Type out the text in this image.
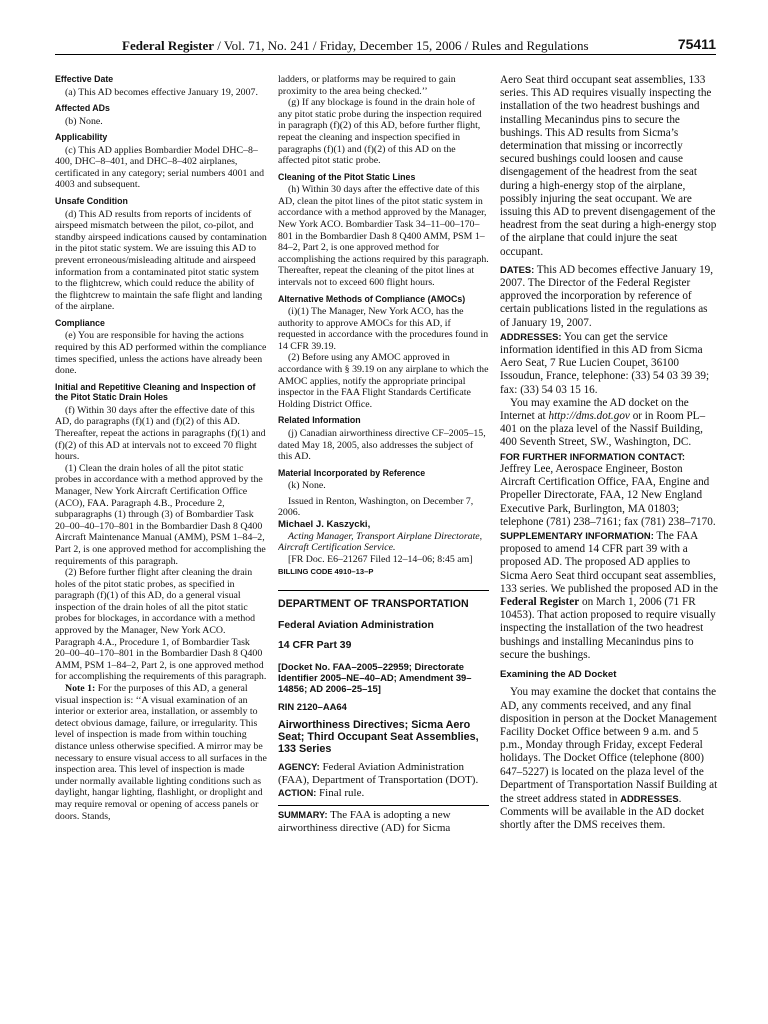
Federal Register / Vol. 71, No. 241 / Friday, December 15, 2006 / Rules and Regulations	75411

Effective Date

(a) This AD becomes effective January 19, 2007.

Affected ADs

(b) None.

Applicability

(c) This AD applies Bombardier Model DHC–8–400, DHC–8–401, and DHC–8–402 airplanes, certificated in any category; serial numbers 4001 and 4003 and subsequent.

Unsafe Condition

(d) This AD results from reports of incidents of airspeed mismatch between the pilot, co-pilot, and standby airspeed indications caused by contamination in the pitot static system. We are issuing this AD to prevent erroneous/misleading altitude and airspeed information from a contaminated pitot static system to the flightcrew, which could reduce the ability of the flightcrew to maintain the safe flight and landing of the airplane.

Compliance

(e) You are responsible for having the actions required by this AD performed within the compliance times specified, unless the actions have already been done.

Initial and Repetitive Cleaning and Inspection of the Pitot Static Drain Holes

(f) Within 30 days after the effective date of this AD, do paragraphs (f)(1) and (f)(2) of this AD. Thereafter, repeat the actions in paragraphs (f)(1) and (f)(2) of this AD at intervals not to exceed 70 flight hours.

(1) Clean the drain holes of all the pitot static probes in accordance with a method approved by the Manager, New York Aircraft Certification Office (ACO), FAA. Paragraph 4.B., Procedure 2, subparagraphs (1) through (3) of Bombardier Task 20–00–40–170–801 in the Bombardier Dash 8 Q400 Aircraft Maintenance Manual (AMM), PSM 1–84–2, Part 2, is one approved method for accomplishing the requirements of this paragraph.

(2) Before further flight after cleaning the drain holes of the pitot static probes, as specified in paragraph (f)(1) of this AD, do a general visual inspection of the drain holes of all the pitot static probes for blockages, in accordance with a method approved by the Manager, New York ACO. Paragraph 4.A., Procedure 1, of Bombardier Task 20–00–40–170–801 in the Bombardier Dash 8 Q400 AMM, PSM 1–84–2, Part 2, is one approved method for accomplishing the requirements of this paragraph.

Note 1: For the purposes of this AD, a general visual inspection is: ‘‘A visual examination of an interior or exterior area, installation, or assembly to detect obvious damage, failure, or irregularity. This level of inspection is made from within touching distance unless otherwise specified. A mirror may be necessary to ensure visual access to all surfaces in the inspection area. This level of inspection is made under normally available lighting conditions such as daylight, hangar lighting, flashlight, or droplight and may require removal or opening of access panels or doors. Stands,

ladders, or platforms may be required to gain proximity to the area being checked.’’

(g) If any blockage is found in the drain hole of any pitot static probe during the inspection required in paragraph (f)(2) of this AD, before further flight, repeat the cleaning and inspection specified in paragraphs (f)(1) and (f)(2) of this AD on the affected pitot static probe.

Cleaning of the Pitot Static Lines

(h) Within 30 days after the effective date of this AD, clean the pitot lines of the pitot static system in accordance with a method approved by the Manager, New York ACO. Bombardier Task 34–11–00–170–801 in the Bombardier Dash 8 Q400 AMM, PSM 1–84–2, Part 2, is one approved method for accomplishing the actions required by this paragraph. Thereafter, repeat the cleaning of the pitot lines at intervals not to exceed 600 flight hours.

Alternative Methods of Compliance (AMOCs)

(i)(1) The Manager, New York ACO, has the authority to approve AMOCs for this AD, if requested in accordance with the procedures found in 14 CFR 39.19.

(2) Before using any AMOC approved in accordance with § 39.19 on any airplane to which the AMOC applies, notify the appropriate principal inspector in the FAA Flight Standards Certificate Holding District Office.

Related Information

(j) Canadian airworthiness directive CF–2005–15, dated May 18, 2005, also addresses the subject of this AD.

Material Incorporated by Reference

(k) None.

Issued in Renton, Washington, on December 7, 2006.

Michael J. Kaszycki,

Acting Manager, Transport Airplane Directorate, Aircraft Certification Service.

[FR Doc. E6–21267 Filed 12–14–06; 8:45 am]

BILLING CODE 4910–13–P

DEPARTMENT OF TRANSPORTATION

Federal Aviation Administration

14 CFR Part 39

[Docket No. FAA–2005–22959; Directorate Identifier 2005–NE–40–AD; Amendment 39–14856; AD 2006–25–15]

RIN 2120–AA64

Airworthiness Directives; Sicma Aero Seat; Third Occupant Seat Assemblies, 133 Series

AGENCY: Federal Aviation Administration (FAA), Department of Transportation (DOT).

ACTION: Final rule.

SUMMARY: The FAA is adopting a new airworthiness directive (AD) for Sicma

Aero Seat third occupant seat assemblies, 133 series. This AD requires visually inspecting the installation of the two headrest bushings and installing Mecanindus pins to secure the bushings. This AD results from Sicma’s determination that missing or incorrectly secured bushings could loosen and cause disengagement of the headrest from the seat during a high-energy stop of the airplane, possibly injuring the seat occupant. We are issuing this AD to prevent disengagement of the headrest from the seat during a high-energy stop of the airplane that could injure the seat occupant.

DATES: This AD becomes effective January 19, 2007. The Director of the Federal Register approved the incorporation by reference of certain publications listed in the regulations as of January 19, 2007.

ADDRESSES: You can get the service information identified in this AD from Sicma Aero Seat, 7 Rue Lucien Coupet, 36100 Issoudun, France, telephone: (33) 54 03 39 39; fax: (33) 54 03 15 16.

You may examine the AD docket on the Internet at http://dms.dot.gov or in Room PL–401 on the plaza level of the Nassif Building, 400 Seventh Street, SW., Washington, DC.

FOR FURTHER INFORMATION CONTACT:

Jeffrey Lee, Aerospace Engineer, Boston Aircraft Certification Office, FAA, Engine and Propeller Directorate, FAA, 12 New England Executive Park, Burlington, MA 01803; telephone (781) 238–7161; fax (781) 238–7170.

SUPPLEMENTARY INFORMATION: The FAA proposed to amend 14 CFR part 39 with a proposed AD. The proposed AD applies to Sicma Aero Seat third occupant seat assemblies, 133 series. We published the proposed AD in the Federal Register on March 1, 2006 (71 FR 10453). That action proposed to require visually inspecting the installation of the two headrest bushings and installing Mecanindus pins to secure the bushings.

Examining the AD Docket

You may examine the docket that contains the AD, any comments received, and any final disposition in person at the Docket Management Facility Docket Office between 9 a.m. and 5 p.m., Monday through Friday, except Federal holidays. The Docket Office (telephone (800) 647–5227) is located on the plaza level of the Department of Transportation Nassif Building at the street address stated in ADDRESSES. Comments will be available in the AD docket shortly after the DMS receives them.
